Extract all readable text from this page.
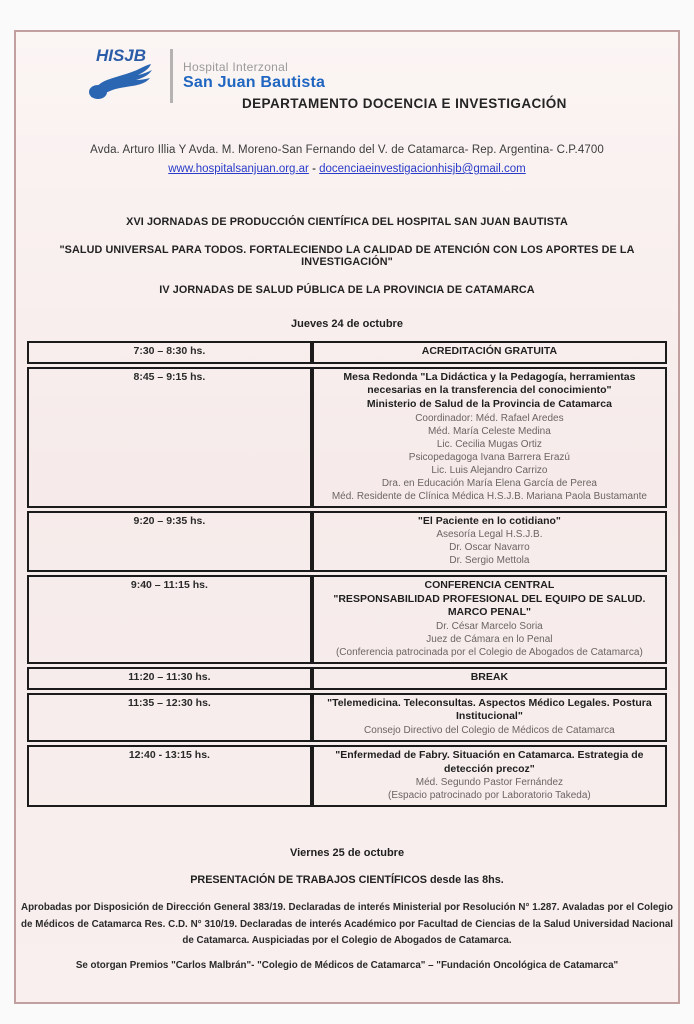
HISJB
Hospital Interzonal
San Juan Bautista
DEPARTAMENTO DOCENCIA E INVESTIGACIÓN
Avda. Arturo Illia Y Avda. M. Moreno-San Fernando del V. de Catamarca- Rep. Argentina- C.P.4700
www.hospitalsanjuan.org.ar - docenciaeinvestigacionhisjb@gmail.com
XVI JORNADAS DE PRODUCCIÓN CIENTÍFICA DEL HOSPITAL SAN JUAN BAUTISTA
"SALUD UNIVERSAL PARA TODOS. FORTALECIENDO LA CALIDAD DE ATENCIÓN CON LOS APORTES DE LA INVESTIGACIÓN"
IV JORNADAS DE SALUD PÚBLICA DE LA PROVINCIA DE CATAMARCA
Jueves 24 de octubre
7:30 – 8:30 hs.	ACREDITACIÓN GRATUITA

8:45 – 9:15 hs.	Mesa Redonda "La Didáctica y la Pedagogía, herramientas necesarias en la transferencia del conocimiento"
Ministerio de Salud de la Provincia de Catamarca
Coordinador: Méd. Rafael Aredes
Méd. María Celeste Medina
Lic. Cecilia Mugas Ortiz
Psicopedagoga Ivana Barrera Erazú
Lic. Luis Alejandro Carrizo
Dra. en Educación María Elena García de Perea
Méd. Residente de Clínica Médica H.S.J.B. Mariana Paola Bustamante

9:20 – 9:35 hs.	"El Paciente en lo cotidiano"
Asesoría Legal H.S.J.B.
Dr. Oscar Navarro
Dr. Sergio Mettola

9:40 – 11:15 hs.	CONFERENCIA CENTRAL
"RESPONSABILIDAD PROFESIONAL DEL EQUIPO DE SALUD. MARCO PENAL"
Dr. César Marcelo Soria
Juez de Cámara en lo Penal
(Conferencia patrocinada por el Colegio de Abogados de Catamarca)

11:20 – 11:30 hs.	BREAK

11:35 – 12:30 hs.	"Telemedicina. Teleconsultas. Aspectos Médico Legales. Postura Institucional"
Consejo Directivo del Colegio de Médicos de Catamarca

12:40 - 13:15 hs.	"Enfermedad de Fabry. Situación en Catamarca. Estrategia de detección precoz"
Méd. Segundo Pastor Fernández
(Espacio patrocinado por Laboratorio Takeda)
Viernes 25 de octubre
PRESENTACIÓN DE TRABAJOS CIENTÍFICOS desde las 8hs.
Aprobadas por Disposición de Dirección General 383/19. Declaradas de interés Ministerial por Resolución N° 1.287. Avaladas por el Colegio de Médicos de Catamarca Res. C.D. N° 310/19. Declaradas de interés Académico por Facultad de Ciencias de la Salud Universidad Nacional de Catamarca. Auspiciadas por el Colegio de Abogados de Catamarca.
Se otorgan Premios "Carlos Malbrán"- "Colegio de Médicos de Catamarca" – "Fundación Oncológica de Catamarca"
